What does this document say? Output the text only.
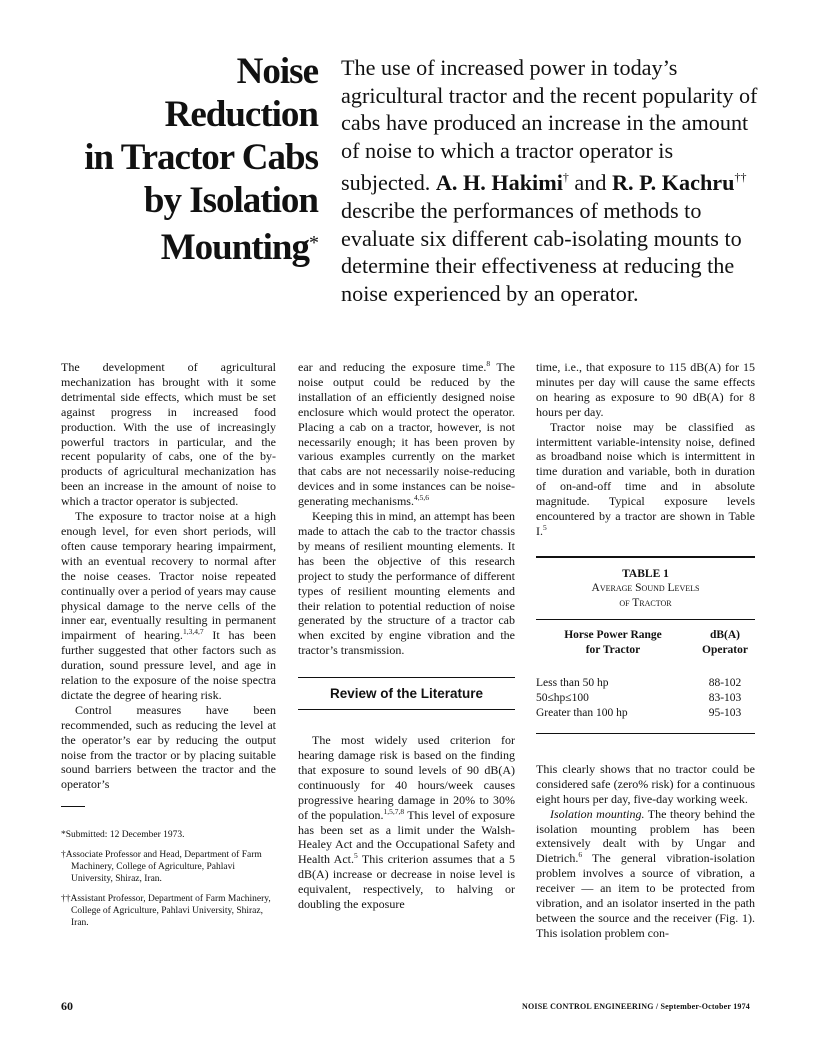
Noise
Reduction
in Tractor Cabs
by Isolation
Mounting*

The use of increased power in today’s agricultural tractor and the recent popularity of cabs have produced an increase in the amount of noise to which a tractor operator is subjected. A. H. Hakimi† and R. P. Kachru†† describe the performances of methods to evaluate six different cab-isolating mounts to determine their effectiveness at reducing the noise experienced by an operator.

The development of agricultural mechanization has brought with it some detrimental side effects, which must be set against progress in increased food production. With the use of increasingly powerful tractors in particular, and the recent popularity of cabs, one of the by-products of agricultural mechanization has been an increase in the amount of noise to which a tractor operator is subjected.

The exposure to tractor noise at a high enough level, for even short periods, will often cause temporary hearing impairment, with an eventual recovery to normal after the noise ceases. Tractor noise repeated continually over a period of years may cause physical damage to the nerve cells of the inner ear, eventually resulting in permanent impairment of hearing.$^{1,3,4,7}$ It has been further suggested that other factors such as duration, sound pressure level, and age in relation to the exposure of the noise spectra dictate the degree of hearing risk.

Control measures have been recommended, such as reducing the level at the operator’s ear by reducing the output noise from the tractor or by placing suitable sound barriers between the tractor and the operator’s

*Submitted: 12 December 1973.
†Associate Professor and Head, Department of Farm Machinery, College of Agriculture, Pahlavi University, Shiraz, Iran.
††Assistant Professor, Department of Farm Machinery, College of Agriculture, Pahlavi University, Shiraz, Iran.

ear and reducing the exposure time.$^8$ The noise output could be reduced by the installation of an efficiently designed noise enclosure which would protect the operator. Placing a cab on a tractor, however, is not necessarily enough; it has been proven by various examples currently on the market that cabs are not necessarily noise-reducing devices and in some instances can be noise-generating mechanisms.$^{4,5,6}$

Keeping this in mind, an attempt has been made to attach the cab to the tractor chassis by means of resilient mounting elements. It has been the objective of this research project to study the performance of different types of resilient mounting elements and their relation to potential reduction of noise generated by the structure of a tractor cab when excited by engine vibration and the tractor’s transmission.

Review of the Literature

The most widely used criterion for hearing damage risk is based on the finding that exposure to sound levels of 90 dB(A) continuously for 40 hours/week causes progressive hearing damage in 20% to 30% of the population.$^{1,5,7,8}$ This level of exposure has been set as a limit under the Walsh-Healey Act and the Occupational Safety and Health Act.$^5$ This criterion assumes that a 5 dB(A) increase or decrease in noise level is equivalent, respectively, to halving or doubling the exposure

time, i.e., that exposure to 115 dB(A) for 15 minutes per day will cause the same effects on hearing as exposure to 90 dB(A) for 8 hours per day.

Tractor noise may be classified as intermittent variable-intensity noise, defined as broadband noise which is intermittent in time duration and variable, both in duration of on-and-off time and in absolute magnitude. Typical exposure levels encountered by a tractor are shown in Table I.$^5$

TABLE 1
Average Sound Levels
of Tractor
Horse Power Range
for Tractor
dB(A)
Operator
Less than 50 hp	88-102
50≤hp≤100	83-103
Greater than 100 hp	95-103

This clearly shows that no tractor could be considered safe (zero% risk) for a continuous eight hours per day, five-day working week.

Isolation mounting. The theory behind the isolation mounting problem has been extensively dealt with by Ungar and Dietrich.$^6$ The general vibration-isolation problem involves a source of vibration, a receiver — an item to be protected from vibration, and an isolator inserted in the path between the source and the receiver (Fig. 1). This isolation problem con-

60	NOISE CONTROL ENGINEERING / September-October 1974
